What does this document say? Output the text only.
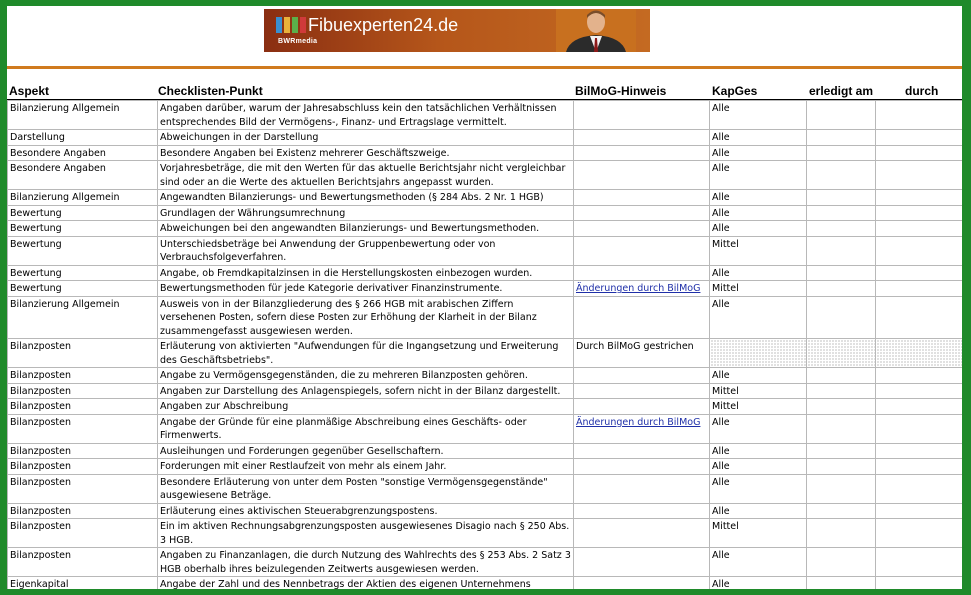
Fibuexperten24.de
BWRmedia
Aspekt	Checklisten-Punkt	BilMoG-Hinweis	KapGes	erledigt am	durch
Bilanzierung Allgemein	Angaben darüber, warum der Jahresabschluss kein den tatsächlichen Verhältnissen entsprechendes Bild der Vermögens-, Finanz- und Ertragslage vermittelt.		Alle		
Darstellung	Abweichungen in der Darstellung		Alle		
Besondere Angaben	Besondere Angaben bei Existenz mehrerer Geschäftszweige.		Alle		
Besondere Angaben	Vorjahresbeträge, die mit den Werten für das aktuelle Berichtsjahr nicht vergleichbar sind oder an die Werte des aktuellen Berichtsjahrs angepasst wurden.		Alle		
Bilanzierung Allgemein	Angewandten Bilanzierungs- und Bewertungsmethoden (§ 284 Abs. 2 Nr. 1 HGB)		Alle		
Bewertung	Grundlagen der Währungsumrechnung		Alle		
Bewertung	Abweichungen bei den angewandten Bilanzierungs- und Bewertungsmethoden.		Alle		
Bewertung	Unterschiedsbeträge bei Anwendung der Gruppenbewertung oder von Verbrauchsfolgeverfahren.		Mittel		
Bewertung	Angabe, ob Fremdkapitalzinsen in die Herstellungskosten einbezogen wurden.		Alle		
Bewertung	Bewertungsmethoden für jede Kategorie derivativer Finanzinstrumente.	Änderungen durch BilMoG	Mittel		
Bilanzierung Allgemein	Ausweis von in der Bilanzgliederung des § 266 HGB mit arabischen Ziffern versehenen Posten, sofern diese Posten zur Erhöhung der Klarheit in der Bilanz zusammengefasst ausgewiesen werden.		Alle		
Bilanzposten	Erläuterung von aktivierten "Aufwendungen für die Ingangsetzung und Erweiterung des Geschäftsbetriebs".	Durch BilMoG gestrichen			
Bilanzposten	Angabe zu Vermögensgegenständen, die zu mehreren Bilanzposten gehören.		Alle		
Bilanzposten	Angaben zur Darstellung des Anlagenspiegels, sofern nicht in der Bilanz dargestellt.		Mittel		
Bilanzposten	Angaben zur Abschreibung		Mittel		
Bilanzposten	Angabe der Gründe für eine planmäßige Abschreibung eines Geschäfts- oder Firmenwerts.	Änderungen durch BilMoG	Alle		
Bilanzposten	Ausleihungen und Forderungen gegenüber Gesellschaftern.		Alle		
Bilanzposten	Forderungen mit einer Restlaufzeit von mehr als einem Jahr.		Alle		
Bilanzposten	Besondere Erläuterung von unter dem Posten "sonstige Vermögensgegenstände" ausgewiesene Beträge.		Alle		
Bilanzposten	Erläuterung eines aktivischen Steuerabgrenzungspostens.		Alle		
Bilanzposten	Ein im aktiven Rechnungsabgrenzungsposten ausgewiesenes Disagio nach § 250 Abs. 3 HGB.		Mittel		
Bilanzposten	Angaben zu Finanzanlagen, die durch Nutzung des Wahlrechts des § 253 Abs. 2 Satz 3 HGB oberhalb ihres beizulegenden Zeitwerts ausgewiesen werden.		Alle		
Eigenkapital	Angabe der Zahl und des Nennbetrags der Aktien des eigenen Unternehmens		Alle		
